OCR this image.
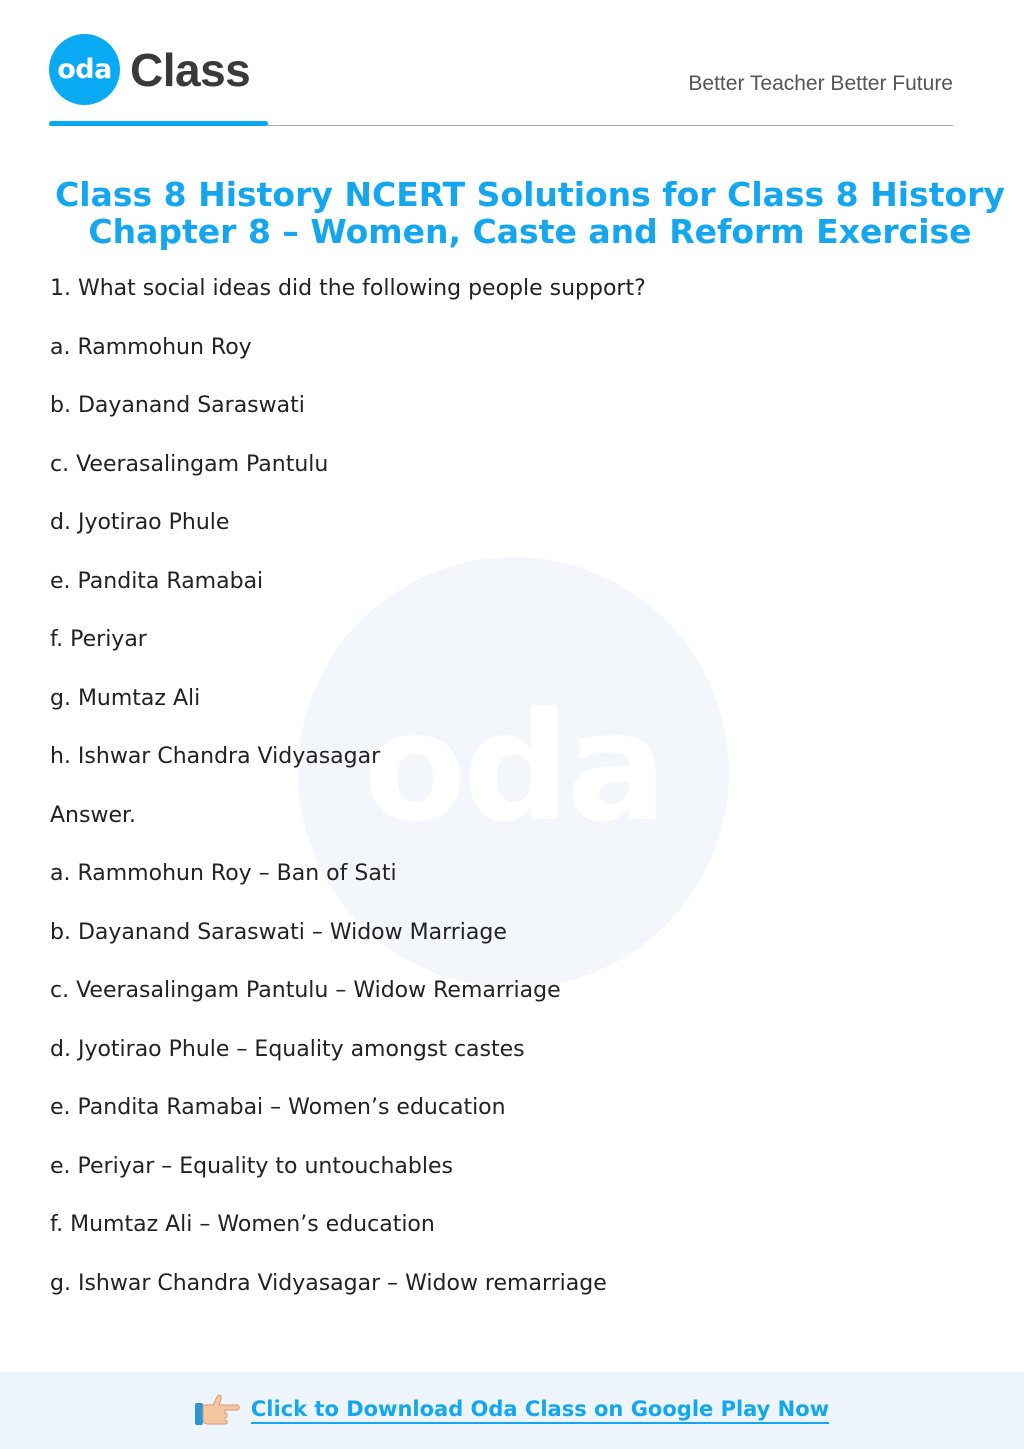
oda Class	Better Teacher Better Future
oda
Class 8 History NCERT Solutions for Class 8 History Chapter 8 – Women, Caste and Reform Exercise
1. What social ideas did the following people support?
a. Rammohun Roy
b. Dayanand Saraswati
c. Veerasalingam Pantulu
d. Jyotirao Phule
e. Pandita Ramabai
f. Periyar
g. Mumtaz Ali
h. Ishwar Chandra Vidyasagar
Answer.
a. Rammohun Roy – Ban of Sati
b. Dayanand Saraswati – Widow Marriage
c. Veerasalingam Pantulu – Widow Remarriage
d. Jyotirao Phule – Equality amongst castes
e. Pandita Ramabai – Women’s education
e. Periyar – Equality to untouchables
f. Mumtaz Ali – Women’s education
g. Ishwar Chandra Vidyasagar – Widow remarriage
Click to Download Oda Class on Google Play Now
